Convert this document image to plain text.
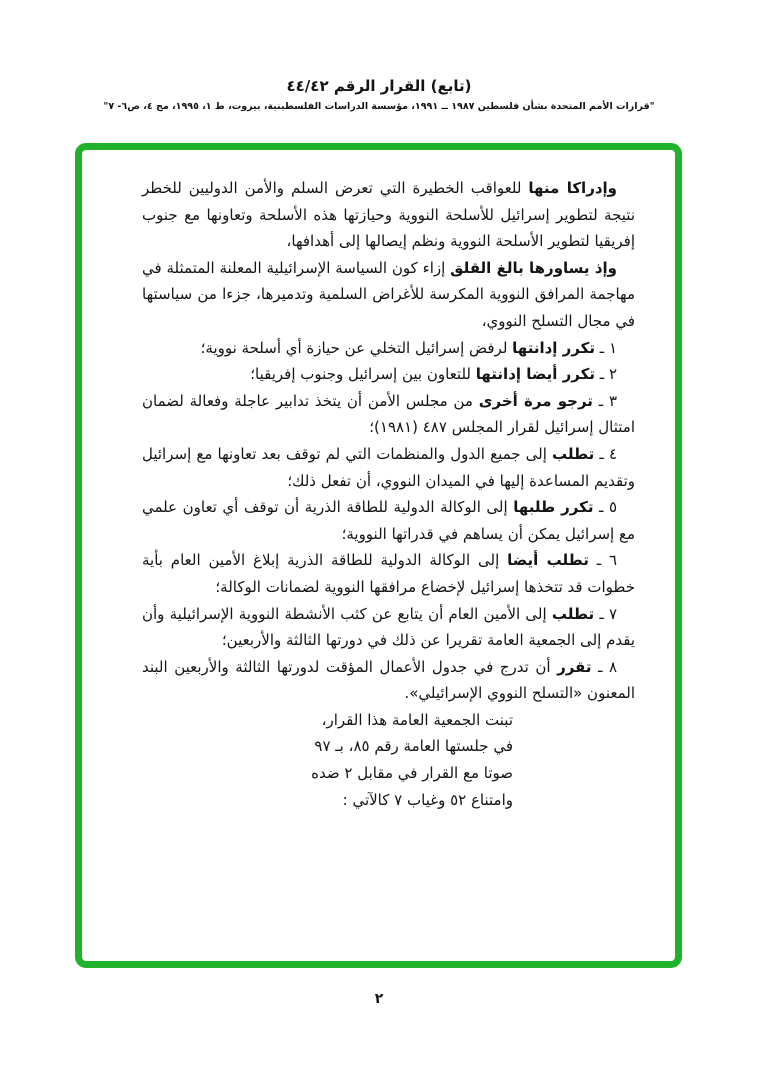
(تابع) القرار الرقم ٤٤/٤٢
"قرارات الأمم المتحدة بشأن فلسطين ١٩٨٧ ــ ١٩٩١، مؤسسة الدراسات الفلسطينية، بيروت، ط ١، ١٩٩٥، مج ٤، ص٦- ٧"

وإدراكا منها للعواقب الخطيرة التي تعرض السلم والأمن الدوليين للخطر نتيجة لتطوير إسرائيل للأسلحة النووية وحيازتها هذه الأسلحة وتعاونها مع جنوب إفريقيا لتطوير الأسلحة النووية ونظم إيصالها إلى أهدافها،

وإذ يساورها بالغ القلق إزاء كون السياسة الإسرائيلية المعلنة المتمثلة في مهاجمة المرافق النووية المكرسة للأغراض السلمية وتدميرها، جزءا من سياستها في مجال التسلح النووي،

١ ـ تكرر إدانتها لرفض إسرائيل التخلي عن حيازة أي أسلحة نووية؛

٢ ـ تكرر أيضا إدانتها للتعاون بين إسرائيل وجنوب إفريقيا؛

٣ ـ ترجو مرة أخرى من مجلس الأمن أن يتخذ تدابير عاجلة وفعالة لضمان امتثال إسرائيل لقرار المجلس ٤٨٧ (١٩٨١)؛

٤ ـ تطلب إلى جميع الدول والمنظمات التي لم توقف بعد تعاونها مع إسرائيل وتقديم المساعدة إليها في الميدان النووي، أن تفعل ذلك؛

٥ ـ تكرر طلبها إلى الوكالة الدولية للطاقة الذرية أن توقف أي تعاون علمي مع إسرائيل يمكن أن يساهم في قدراتها النووية؛

٦ ـ تطلب أيضا إلى الوكالة الدولية للطاقة الذرية إبلاغ الأمين العام بأية خطوات قد تتخذها إسرائيل لإخضاع مرافقها النووية لضمانات الوكالة؛

٧ ـ تطلب إلى الأمين العام أن يتابع عن كثب الأنشطة النووية الإسرائيلية وأن يقدم إلى الجمعية العامة تقريرا عن ذلك في دورتها الثالثة والأربعين؛

٨ ـ تقرر أن تدرج في جدول الأعمال المؤقت لدورتها الثالثة والأربعين البند المعنون «التسلح النووي الإسرائيلي».

تبنت الجمعية العامة هذا القرار،
في جلستها العامة رقم ٨٥، بـ ٩٧
صوتا مع القرار في مقابل ٢ ضده
وامتناع ٥٢ وغياب ٧ كالآتي :
٢
